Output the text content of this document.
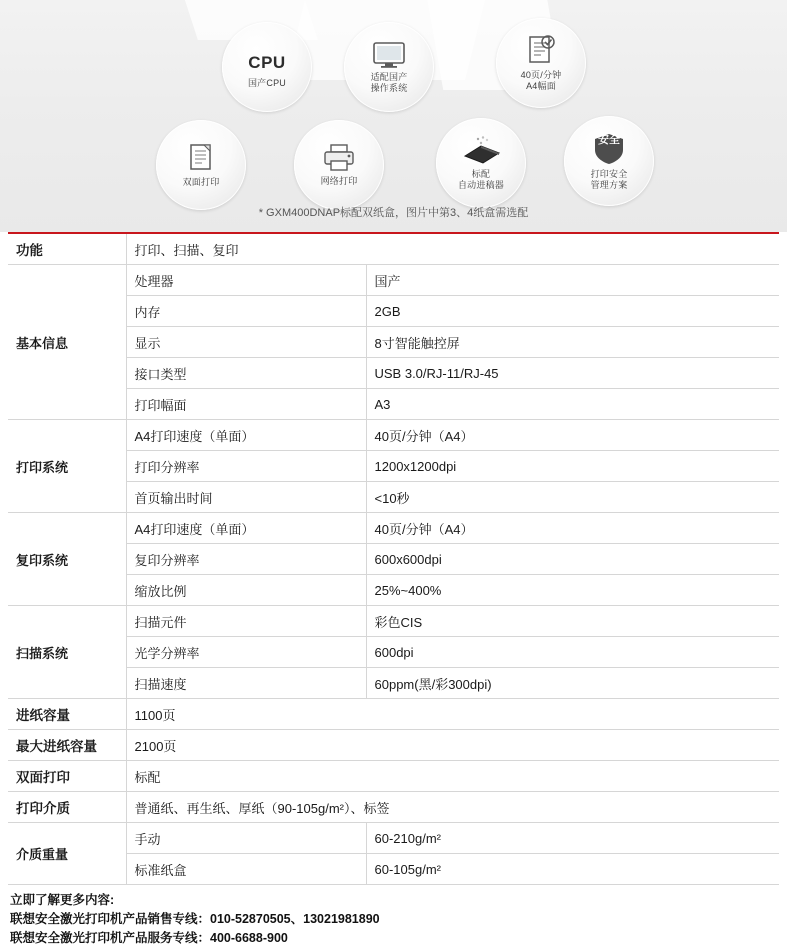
CPU
国产CPU
适配国产
操作系统
40页/分钟
A4幅面
双面打印	网络打印
标配
自动进稿器
打印安全
管理方案
* GXM400DNAP标配双纸盒，图片中第3、4纸盒需选配
功能	打印、扫描、复印	
基本信息	处理器	国产
	内存	2GB
	显示	8寸智能触控屏
	接口类型	USB 3.0/RJ-11/RJ-45
	打印幅面	A3
打印系统	A4打印速度（单面）	40页/分钟（A4）
	打印分辨率	1200x1200dpi
	首页输出时间	<10秒
复印系统	A4打印速度（单面）	40页/分钟（A4）
	复印分辨率	600x600dpi
	缩放比例	25%~400%
扫描系统	扫描元件	彩色CIS
	光学分辨率	600dpi
	扫描速度	60ppm(黑/彩300dpi)
进纸容量	1100页	
最大进纸容量	2100页	
双面打印	标配	
打印介质	普通纸、再生纸、厚纸（90-105g/m²）、标签	
介质重量	手动	60-210g/m²
	标准纸盒	60-105g/m²
立即了解更多内容:
联想安全激光打印机产品销售专线：010-52870505、13021981890
联想安全激光打印机产品服务专线：400-6688-900
